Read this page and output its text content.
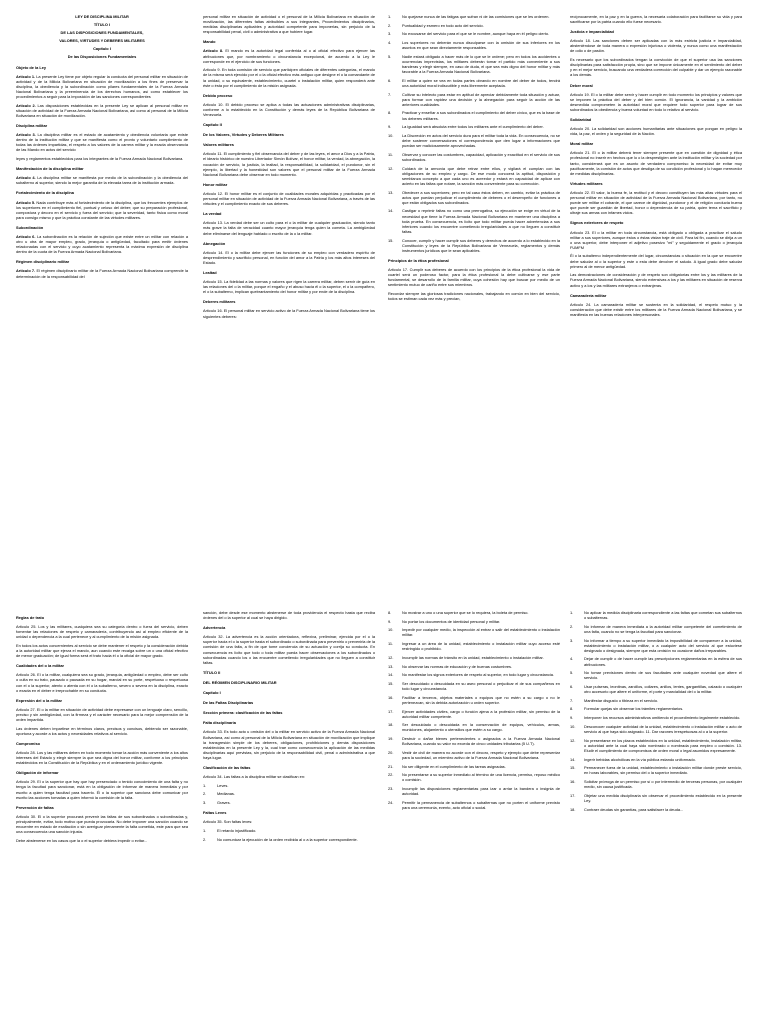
LEY DE DISCIPLINA MILITAR

TÍTULO I

DE LAS DISPOSICIONES FUNDAMENTALES,

VALORES, VIRTUDES Y DEBERES MILITARES

Capítulo I

De las Disposiciones Fundamentales

Objeto de la Ley

Artículo 1. La presente Ley tiene por objeto regular la conducta del personal militar en situación de actividad y de la Milicia Bolivariana en situación de movilización a los fines de preservar la disciplina, la obediencia y la subordinación como pilares fundamentales de la Fuerza Armada Nacional Bolivariana y la preeminencia de los derechos humanos, así como establecer los procedimientos a seguir para la imposición de las sanciones correspondientes

Artículo 2. Las disposiciones establecidas en la presente Ley se aplican al personal militar en situación de actividad de la Fuerza Armada Nacional Bolivariana, así como al personal de la Milicia Bolivariana en situación de movilización.

Disciplina militar

Artículo 3. La disciplina militar es el estado de acatamiento y obediencia voluntaria que existe dentro de la institución militar y que se manifiesta como el pronto y voluntario cumplimiento de todas las órdenes impartidas, el respeto a los valores de la carrera militar y la exacta observancia de las Mando en actos del servicio

leyes y reglamentos establecidos para los integrantes de la Fuerza Armada Nacional Bolivariana.

Manifestación de la disciplina militar

Artículo 4. La disciplina militar se manifiesta por medio de la subordinación y la obediencia del subalterno al superior, siendo la mejor garantía de la elevada tarea de la institución armada.

Fortalecimiento de la disciplina

Artículo 5. Nada contribuye más al fortalecimiento de la disciplina, que los frecuentes ejemplos de los superiores en el cumplimiento fiel, puntual y celoso del deber; que su preparación profesional, compostura y decoro en el servicio y fuera del servicio; que la severidad, tanto física como moral para consigo mismo y que la práctica constante de las virtudes militares.

Subordinación

Artículo 6. La subordinación es la relación de sujeción que existe entre un militar con relación a otro u otra de mayor empleo, grado, jerarquía o antigüedad, facultado para emitir órdenes relacionadas con el servicio y cuyo acatamiento representa la máxima expresión de disciplina dentro de la cuota de la Fuerza Armada Nacional Bolivariana.

Régimen disciplinario militar

Artículo 7. El régimen disciplinario militar de la Fuerza Armada Nacional Bolivariana comprende la determinación de la responsabilidad del

personal militar en situación de actividad o el personal de la Milicia Bolivariana en situación de movilización, las diferentes faltas atribuibles a sus integrantes, Procedimientos disciplinarios, medidas disciplinarias aplicables y autoridad competente para imponerlas, sin perjuicio de la responsabilidad penal, civil o administrativa a que hubiere lugar.

Mando

Artículo 8. El mando es la autoridad legal conferida al o al oficial efectivo para ejercer las atribuciones que, por nombramiento o circunstancia excepcional, de acuerdo a la Ley le corresponde en el ejercicio de sus funciones.

Artículo 9. En toda comisión de servicio que participen oficiales de diferentes categorías, el mando de la misma será ejercido por el o la oficial efectivo más antiguo que designe el o la comandante de la unidad, o su equivalente, establecimiento, cuartel o instalación militar, quien responderá ante éste o ésta por el cumplimiento de la misión asignada.

Debido proceso

Artículo 10. El debido proceso se aplica a todas las actuaciones administrativas disciplinarias, conforme a lo establecido en la Constitución y demás leyes de la República Bolivariana de Venezuela.

Capítulo II

De los Valores, Virtudes y Deberes Militares

Valores militares

Artículo 11. El cumplimiento y fiel observancia del deber y de las leyes, el amor a Dios y a la Patria, el ideario histórico de nuestro Libertador Simón Bolívar, el honor militar, la verdad, la abnegación, la vocación de servicio, la justicia, la lealtad, la responsabilidad, la solidaridad, el pundonor, sin el ejemplo, la libertad y la honestidad son valores que el personal militar de la Fuerza Armada Nacional Bolivariana debe observar en todo momento.

Honor militar

Artículo 12. El honor militar es el conjunto de cualidades morales adquiridas y practicadas por el personal militar en situación de actividad de la Fuerza Armada Nacional Bolivariana, a través de las virtudes y el cumplimiento exacto de sus deberes.

La verdad

Artículo 13. La verdad debe ser un culto para el o la militar de cualquier graduación, siendo tanto más grave la falta de veracidad cuanto mayor jerarquía tenga quien la cometa. La ambigüedad debe eliminarse del lenguaje hablado o escrito de la o la militar.

Abnegación

Artículo 14. El o la militar debe ejercer las funciones de su empleo con verdadero espíritu de desprendimiento y sacrificio personal, en función del amor a la Patria y los más altos intereses del Estado.

Lealtad

Artículo 15. La fidelidad a las normas y valores que rigen la carrera militar, deben servir de guía en las relaciones del o la militar, porque el engaño y el abuso hacia él o la superior, el o la compañero, el o la subalterno, implican quebrantamiento del honor militar y por ende de la disciplina.

Deberes militares

Artículo 16. El personal militar en servicio activo de la Fuerza Armada Nacional Bolivariana tiene los siguientes deberes:

1.	No quejarse nunca de las fatigas que sufran ni de las comisiones que se les ordenen.
2.	Puntualidad y esmero en todo acto del servicio.
3.	No excusarse del servicio para el que se le nombre, aunque haya en él peligro cierto.
4.	Los superiores no deberán nunca disculparse con la omisión de sus inferiores en los asuntos en que sean directamente responsables.
5.	Nadie estará obligado a hacer más de lo que se le ordene; pero en todos los accidentes u ocurrencias imprevistas, los militares deberán tomar el partido más conveniente a sus banderas y elegir siempre, en caso de duda, el que sea más digno del honor militar y más favorable a la Fuerza Armada Nacional Bolivariana.
6.	El militar a quien se vea en todas partes obrando en nombre del deber de todos, tendrá una autoridad moral indiscutible y más libremente aceptada.
7.	Cultivar su intelecto para estar en aptitud de apreciar debidamente toda situación y actuar, para formar con rapidez una decisión y la abnegación para seguir la acción de las anteriores cualidades.
8.	Practicar y enseñar a sus subordinados el cumplimiento del deber cívico, que es la base de los deberes militares.
9.	La igualdad será absoluta entre todos los militares ante el cumplimiento del deber.
10.	La Discreción en actos del servicio dura para el militar toda la vida. En consecuencia, no se debe sostener conversaciones ni correspondencia que den lugar a informaciones que puedan ser maliciosamente aprovechadas.
11.	Observar y conocer las costumbres, capacidad, aplicación y exactitud en el servicio de sus subordinados.
12.	Cuidará de la armonía que debe reinar entre ellos, y vigilará el cumplan con las obligaciones de su empleo y cargo. De ese modo conocerá la aptitud, disposición y semblanza concepto a que cada uno es acreedor y estará en capacidad de aplicar con acierto en las faltas que notare, la sanción más conveniente para su corrección.
13.	Obedecer a sus superiores; pero en tal caso éstos deben, en cambio, evitar la práctica de actos que puedan perjudicar el cumplimiento de deberes o el desempeño de funciones a que están obligados sus subordinados.
14.	Castigar o reprimir faltas no como una prerrogativa, su ejecución se exige en virtud de la necesidad que tiene la Fuerza Armada Nacional Bolivariana en mantener una disciplina a toda prueba. En consecuencia, es lícito que todo militar pueda hacer advertencias a sus inferiores cuando los encuentre cometiendo irregularidades a que no lleguen a constituir faltas.
15.	Conocer, cumplir y hacer cumplir sus deberes y derechos de acuerdo a lo establecido en la Constitución y leyes de la República Bolivariana de Venezuela, reglamentos y demás instrumentos jurídicos que le sean aplicables.

Principios de la ética profesional

Artículo 17. Cumplir sus deberes de acuerdo con los principios de la ética profesional la vida de cuartel será un poderoso factor, para la ética profesional la debe cultivarse y ese parte fundamental, se desarrollo de la familia militar, cuya cohesión hay que buscar por medio de un sentimiento mutuo de cariño entre sus miembros.

Recordar siempre las gloriosas tradiciones nacionales, trabajando en común en bien del servicio, todos se estiman cada vez más y precian,

recíprocamente, en la paz y en la guerra, la necesaria colaboración para facilitarse su vida y para sacrificarse por la patria cuando ello fuese necesario.

Justicia e imparcialidad

Artículo 18. Las sanciones deben ser aplicadas con la más estricta justicia e imparcialidad, absteniéndose de toda manera o expresión injuriosa o violenta, y nunca como una manifestación de odio o de pasión.

Es necesario que los subordinados tengan la convicción de que el superior usa las sanciones disciplinarias para satisfacción propia, sino que se impone únicamente en el sentimiento del deber y en el mejor servicio, buscando una verdadera corrección del culpable y dar un ejemplo razonable a los demás.

Deber moral

Artículo 19. El o la militar debe servir y hacer cumplir en todo momento los principios y valores que se imponen la práctica del deber y del bien común. El ignorancia, la vanidad y la ambición desmedida comprometen la autoridad moral que requiere todo superior para lograr de sus subordinados la obediencia y buena voluntad en todo lo relativo al servicio.

Solidaridad

Artículo 20. La solidaridad son acciones humanitarias ante situaciones que pongan en peligro la vida, la paz, el orden y la seguridad de la Nación.

Moral militar

Artículo 21. El o la militar deberá tener siempre presente que en cuestión de dignidad y ética profesional no inserir en hechos que lo o la desprestigien ante la institución militar y la sociedad por tanto, considerará que es un asunto de verdadero compromiso la necesidad de evitar muy pacíficamente, la comisión de actos que desdiga de su condición profesional y lo hagan merecedor de medidas disciplinarias.

Virtudes militares

Artículo 22. El valor, la buena fe, la rectitud y el decoro constituyen las más altas virtudes para el personal militar en situación de actividad de la Fuerza Armada Nacional Bolivariana, por tanto, no puede ser militar el cobarde, el que carece de dignidad, pundonor y el de religión conducta buena que puede ser guardián de libertad, honor o dependencia de su patria, quien tema el sacrificio y ultraje sus armas con infames vicios.

Signos exteriores de respeto

Artículo 23. El o la militar en toda circunstancia, está obligado u obligada a practicar el saludo militar a sus superiores, aunque éstos o éstas vistan traje de civil. Para tal fin, cuando se dirija a un o una superior, debe interponer el adjetivo posesivo "mi" y seguidamente el grado o jerarquía FUMFM

Él o la subalterno independientemente del lugar, circunstancias o situación en la que se encuentre debe saludar al o la superior y este o esta debe devolver el saludo. A igual grado debe saludar primero al de menor antigüedad.

Las demostraciones de consideración y de respeto son obligatorias entre los y las militares de la Fuerza Armada Nacional Bolivariana, siendo extensivas a los y las militares en situación de reserva activo y a los y las militares extranjeros o extranjeras.

Camaradería militar

Artículo 24. La camaradería militar se sustenta en la solidaridad, el respeto mutuo y la consideración que debe existir entre los militares de la Fuerza Armada Nacional Bolivariana, y se manifiesta en las buenas relaciones interpersonales.

Reglas de trato

Artículo 25. Los y las militares, cualquiera sea su categoría dentro o fuera del servicio, deben fomentar las relaciones de respeto y camaradería, contribuyendo así al empleo eficiente de la unidad o dependencia a la cual pertenece y al cumplimiento de la misión asignada.

En todos los actos concernientes al servicio se debe mantener el respeto y la consideración debida a la autoridad militar que ejerza el mando, aun cuando este recaiga sobre un o una oficial efectivo de menor graduación; de igual forma será el trato hacia él o la oficial de mayor grado.

Cualidades del o la militar

Artículo 26. El o la militar, cualquiera sea su grado, jerarquía, antigüedad o empleo, debe ser culto o culta en su trato, pausado o pausada en su hogar, marcial en su porte, respetuoso o respetuosa con el o la superior, atento o atenta con él o la subalterno, severo o severa en la disciplina, exacto o exacta en el deber e irreprochable en su conducta.

Expresión del o la militar

Artículo 27. El o la militar en situación de actividad debe expresarse con un lenguaje claro, sencillo, preciso y sin ambigüedad, con la firmeza y el carácter necesario para la mejor comprensión de la orden impartida.

Las órdenes deben impartirse en términos claros, precisos y concisos, debiendo ser razonable, oportuna y acorde a los actos y necesidades relativos al servicio.

Compromiso

Artículo 28. Los y las militares deben en todo momento tomar la acción más conveniente a los altos intereses del Estado y elegir siempre la que sea digna del honor militar, conforme a los principios establecidos en la Constitución de la República y en el ordenamiento jurídico vigente.

Obligación de informar

Artículo 29. El o la superior que hay que hay presenciado o tenido conocimiento de una falta y no tenga la facultad para sancionar, está en la obligación de informar de manera inmediata y por escrito a quien tenga facultad para hacerlo. Él o la superior que sanciona debe comunicar por escrito las acciones tomadas a quien informó la comisión de la falta.

Prevención de faltas

Artículo 30. El o la superior procurará prevenir las faltas de sus subordinados o subordinadas y, principalmente, evitar, todo motivo que pueda provocarla. No debe imponer una sanción cuando se encuentre en estado de exaltación o sin averiguar plenamente la falta cometida, este para que sea una consecuencia una sanción injusta.

Debe abstenerse en los casos que la o el superior debiera impedir o evitar...

sanción, debe desde ese momento abstenerse de toda providencia el respecto hasta que reciba órdenes del o la superior al cual se haya dirigido.

Advertencia

Artículo 32. La advertencia es la acción orientadora, reflexiva, preliminar, ejercida por el o la superior hacia el o la superior hasta el subordinado o subordinada para prevenirlo o prevenirla de la comisión de una falta, a fin de que tome conciencia de su actuación y corrija su conducta. En consecuencia es lícito que todo o toda militar pueda hacer observaciones a los subordinados o subordinadas cuando los o las encuentre cometiendo irregularidades que no lleguen a constituir faltas.

TÍTULO II

DEL RÉGIMEN DISCIPLINARIO MILITAR

Capítulo I

De las Faltas Disciplinarias

Sección primera: clasificación de las faltas

Falta disciplinaria

Artículo 33. Es todo acto u omisión del o la militar en servicio activo de la Fuerza Armada Nacional Bolivariana, así como al personal de la Milicia Bolivariana en situación de movilización que implique la transgresión simple de los deberes, obligaciones, prohibiciones y demás disposiciones establecidas en la presente Ley y la, cual trae como consecuencia la aplicación de las medidas disciplinarias aquí previstas, sin perjuicio de la responsabilidad civil, penal o administrativa a que haya lugar.

Clasificación de las faltas

Artículo 34. Las faltas a la disciplina militar se clasifican en:

1.	Leves.
2.	Medianas.
3.	Graves.

Faltas Leves

Artículo 35. Son faltas leves:

1.	El retardo injustificado.
2.	No comunicar la ejecución de la orden recibida al o a la superior correspondiente.
8.	No mostrar a uno o una superior que se lo requiera, la boleta de permiso.
9.	No portar los documentos de identidad personal y militar.
10.	Impedir por cualquier medio, la inspección al entrar o salir del establecimiento o instalación militar.
11.	Ingresar a un área de la unidad, establecimiento o instalación militar cuyo acceso esté restringido o prohibido.
12.	Incumplir las normas de tránsito en la unidad, establecimiento o instalación militar.
13.	No observar las normas de educación y de buenas costumbres.
14.	No manifestar los signos exteriores de respeto al superior, en todo lugar y circunstancia.
15.	Ser descuidado o descuidada en su aseo personal o perjudicar el de sus compañeros en todo lugar y circunstancia.
16.	Facilitar a terceros, objetos materiales o equipos que no estén a su cargo o no le pertenezcan, sin la debida autorización u orden superior.
17.	Ejercer actividades civiles, cargo o función ajena a la profesión militar, sin permiso de la autoridad militar competente.
18.	Ser descuidado o descuidada en la conservación de equipos, vehículos, armas, municiones, alojamiento o utensilios que estén a su cargo.
19.	Destruir o dañar bienes pertenecientes o asignados a la Fuerza Armada Nacional Bolivariana, cuando su valor no exceda de cinco unidades tributarias (5 U.T).
20.	Vestir de civil de manera no acorde con el decoro, respeto y ejemplo que debe representar para la sociedad, un miembro activo de la Fuerza Armada Nacional Bolivariana.
21.	No ser diligente en el cumplimiento de las tareas asignadas.
22.	No presentarse a su superior inmediato al término de una licencia, permiso, reposo médico o comisión.
23.	Incumplir las disposiciones reglamentarias para izar o arriar la bandera o insignia de autoridad.
24.	Permitir la permanencia de subalternos o subalternas que no porten el uniforme previsto para una ceremonia, evento, acto oficial o social.
1.	No aplicar la medida disciplinaria correspondiente a las faltas que cometan sus subalternos o subalternas.
2.	No informar de manera inmediata a la autoridad militar competente del cometimiento de una falta, cuando no se tenga la facultad para sancionar.
3.	No informar a tiempo a su superior inmediato la imposibilidad de comparecer a la unidad, establecimiento o instalación militar, o a cualquier acto del servicio al que estuviese designado o designada, siempre que esta omisión no ocasione daños irreparables.
4.	Dejar de cumplir o de hacer cumplir las prescripciones reglamentarias en la esfera de sus atribuciones.
5.	No tomar previsiones dentro de sus facultades ante cualquier novedad que altere el servicio.
6.	Usar pulseras, leontinas, zarcillos, collares, anillos, lentes, gargantillas, calzado o cualquier otro accesorio que altere el uniforme, el porte y marcialidad del o la militar.
7.	Manifestar disgusto o tibieza en el servicio.
8.	Formular quejas sin observar los trámites reglamentarios.
9.	Interponer los recursos administrativos omitiendo el procedimiento legalmente establecido.
10.	Desconocer cualquier actividad de la unidad, establecimiento o instalación militar o acto de servicio al que haya sido asignado. 11. Dar razones irrespetuosas al o a la superior.
12.	No presentarse en los plazos establecidos en la unidad, establecimiento, instalación militar, o autoridad ante la cual haya sido nombrado o nombrada para empleo o comisión. 13. Eludir el cumplimiento de compromisos de orden moral o legal asumidos expresamente.
14.	Ingerir bebidas alcohólicas en la vía pública estando uniformado.
15.	Permanecer fuera de la unidad, establecimiento o instalación militar donde preste servicio, en horas laborables, sin permiso del o la superior inmediato.
16.	Solicitar prórroga de un permiso por sí o por intermedio de terceras personas, por cualquier medio, sin causa justificada.
17.	Objetar una medida disciplinaria sin observar el procedimiento establecido en la presente Ley.
18.	Contraer deudas sin garantías, para satisfacer la deuda...
